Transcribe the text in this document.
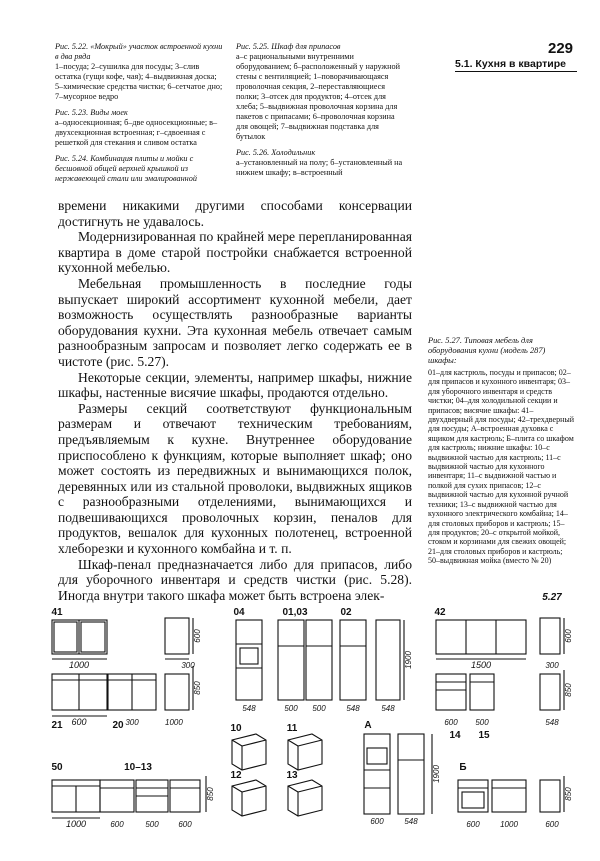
229
5.1. Кухня в квартире
Рис. 5.22. «Мокрый» участок встроенной кухни в два ряда
1–посуда; 2–сушилка для посуды; 3–слив остатка (гущи кофе, чая); 4–выдвижная доска; 5–химические средства чистки; 6–сетчатое дно; 7–мусорное ведро
Рис. 5.23. Виды моек
а–односекционная; б–две односекционные; в–двухсекционная встроенная; г–сдвоенная с решеткой для стекания и сливом остатка
Рис. 5.24. Комбинация плиты и мойки с бесшовной общей верхней крышкой из нержавеющей стали или эмалированной
Рис. 5.25. Шкаф для припасов
а–с рациональными внутренними оборудованием; б–расположенный у наружной стены с вентиляцией; 1–поворачивающаяся проволочная секция, 2–переставляющиеся полки; 3–отсек для продуктов; 4–отсек для хлеба; 5–выдвижная проволочная корзина для пакетов с припасами; 6–проволочная корзина для овощей; 7–выдвижная подставка для бутылок
Рис. 5.26. Холодильник
а–установленный на полу; б–установленный на нижнем шкафу; в–встроенный

времени никакими другими способами консервации достигнуть не удавалось.

Модернизированная по крайней мере перепланированная квартира в доме старой постройки снабжается встроенной кухонной мебелью.

Мебельная промышленность в последние годы выпускает широкий ассортимент кухонной мебели, дает возможность осуществлять разнообразные варианты оборудования кухни. Эта кухонная мебель отвечает самым разнообразным запросам и позволяет легко содержать ее в чистоте (рис. 5.27).

Некоторые секции, элементы, например шкафы, нижние шкафы, настенные висячие шкафы, продаются отдельно.

Размеры секций соответствуют функциональным размерам и отвечают техническим требованиям, предъявляемым к кухне. Внутреннее оборудование приспособлено к функциям, которые выполняет шкаф; оно может состоять из передвижных и вынимающихся полок, деревянных или из стальной проволоки, выдвижных ящиков с разнообразными отделениями, вынимающихся и подвешивающихся проволочных корзин, пеналов для продуктов, вешалок для кухонных полотенец, встроенной хлеборезки и кухонного комбайна и т. п.

Шкаф-пенал предназначается либо для припасов, либо для уборочного инвентаря и средств чистки (рис. 5.28). Иногда внутри такого шкафа может быть встроена элек-

Рис. 5.27. Типовая мебель для оборудования кухни (модель 287) шкафы:
01–для кастрюль, посуды и припасов; 02–для припасов и кухонного инвентаря; 03–для уборочного инвентаря и средств чистки; 04–для холодильной секции и припасов; висячие шкафы: 41–двухдверный для посуды; 42–трехдверный для посуды; А–встроенная духовка с ящиком для кастрюль; Б–плита со шкафом для кастрюль; нижние шкафы: 10–с выдвижной частью для кастрюль; 11–с выдвижной частью для кухонного инвентаря; 11–с выдвижной частью и полкой для сухих припасов; 12–с выдвижной частью для кухонной ручной техники; 13–с выдвижной частью для кухонного электрического комбайна; 14–для столовых приборов и кастрюль; 15–для продуктов; 20–с открытой мойкой, стоком и корзинами для свежих овощей; 21–для столовых приборов и кастрюль; 50–выдвижная мойка (вместо № 20)
5.27
41
1000
600
300
600	300
850
1000
21	20
04	01,03	02
1900
548	500 500	548	548
42
1500
600
300
850
600 500	548
14 15
10	11
12	13
А
1900
600	548
50	10–13
850
1000	600	500 600
Б
850
600	1000	600
